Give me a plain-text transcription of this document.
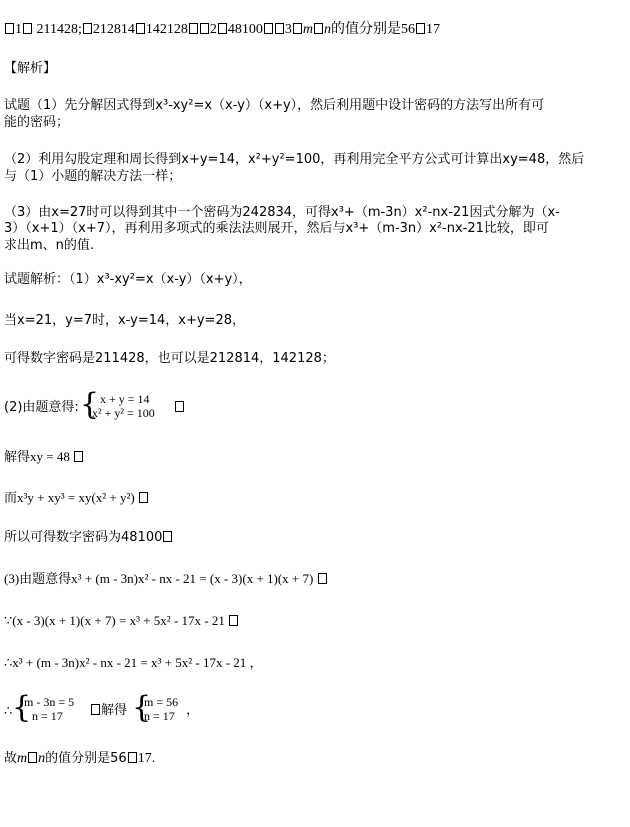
1 211428; 212814 142128 2 48100 3 m n的值分别是56 17
【解析】
试题（1）先分解因式得到x³-xy²=x（x-y）（x+y），然后利用题中设计密码的方法写出所有可
能的密码；
（2）利用勾股定理和周长得到x+y=14，x²+y²=100，再利用完全平方公式可计算出xy=48，然后
与（1）小题的解决方法一样；
（3）由x=27时可以得到其中一个密码为242834，可得x³+（m-3n）x²-nx-21因式分解为（x-
3）（x+1）（x+7），再利用多项式的乘法法则展开，然后与x³+（m-3n）x²-nx-21比较，即可
求出m、n的值.
试题解析：（1）x³-xy²=x（x-y）（x+y），
当x=21，y=7时，x-y=14，x+y=28，
可得数字密码是211428，也可以是212814，142128；
(2)由题意得: { x + y = 14
x² + y² = 100
解得xy = 48
而x³y + xy³ = xy(x² + y²)
所以可得数字密码为48100
(3)由题意得x³ + (m - 3n)x² - nx - 21 = (x - 3)(x + 1)(x + 7)
∵(x - 3)(x + 1)(x + 7) = x³ + 5x² - 17x - 21
∴x³ + (m - 3n)x² - nx - 21 = x³ + 5x² - 17x - 21 ，
∴ {
m - 3n = 5
n = 17	解得 {
m = 56
n = 17 ，
故m n的值分别是56 17.
